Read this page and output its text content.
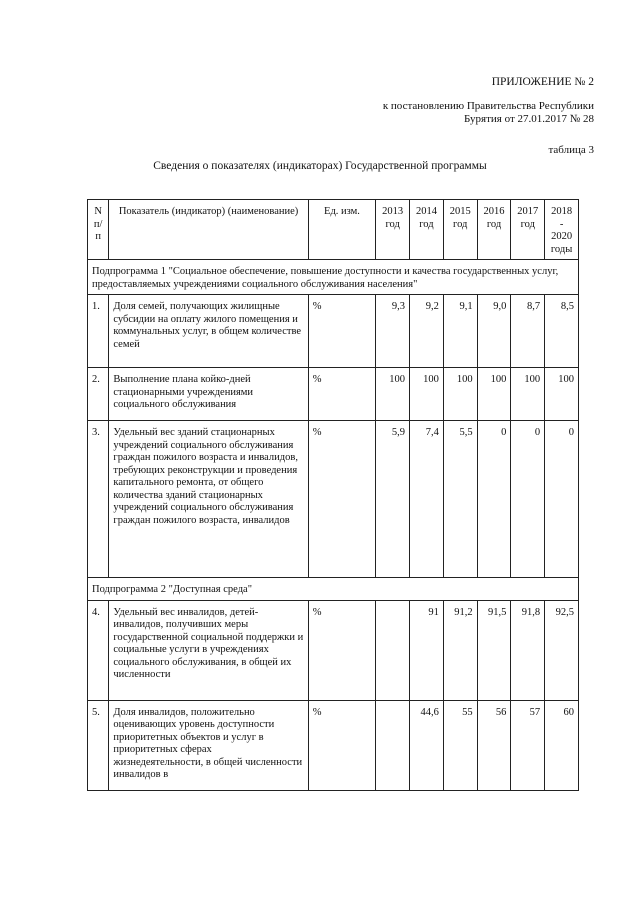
ПРИЛОЖЕНИЕ № 2
к постановлению Правительства Республики
Бурятия от 27.01.2017 № 28
таблица 3
Сведения о показателях (индикаторах) Государственной программы
N п/п	Показатель (индикатор) (наименование)	Ед. изм.	2013 год	2014 год	2015 год	2016 год	2017 год	2018 - 2020 годы
Подпрограмма 1 "Социальное обеспечение, повышение доступности и качества государственных услуг, предоставляемых учреждениями социального обслуживания населения"								
1.	Доля семей, получающих жилищные субсидии на оплату жилого помещения и коммунальных услуг, в общем количестве семей	%	9,3	9,2	9,1	9,0	8,7	8,5
2.	Выполнение плана койко-дней стационарными учреждениями социального обслуживания	%	100	100	100	100	100	100
3.	Удельный вес зданий стационарных учреждений социального обслуживания граждан пожилого возраста и инвалидов, требующих реконструкции и проведения капитального ремонта, от общего количества зданий стационарных учреждений социального обслуживания граждан пожилого возраста, инвалидов	%	5,9	7,4	5,5	0	0	0
Подпрограмма 2 "Доступная среда"								
4.	Удельный вес инвалидов, детей-инвалидов, получивших меры государственной социальной поддержки и социальные услуги в учреждениях социального обслуживания, в общей их численности	%		91	91,2	91,5	91,8	92,5
5.	Доля инвалидов, положительно оценивающих уровень доступности приоритетных объектов и услуг в приоритетных сферах жизнедеятельности, в общей численности инвалидов в	%		44,6	55	56	57	60
